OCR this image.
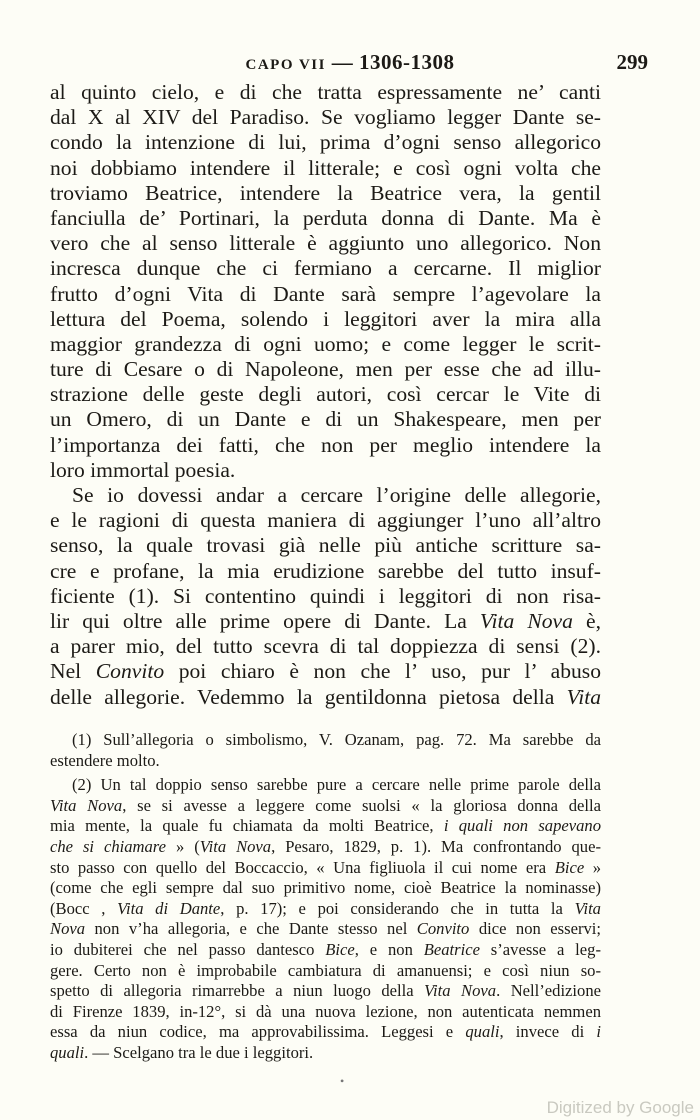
CAPO VII — 1306-1308	299
al quinto cielo, e di che tratta espressamente ne’ canti
dal X al XIV del Paradiso. Se vogliamo legger Dante se-
condo la intenzione di lui, prima d’ogni senso allegorico
noi dobbiamo intendere il litterale; e così ogni volta che
troviamo Beatrice, intendere la Beatrice vera, la gentil
fanciulla de’ Portinari, la perduta donna di Dante. Ma è
vero che al senso litterale è aggiunto uno allegorico. Non
incresca dunque che ci fermiano a cercarne. Il miglior
frutto d’ogni Vita di Dante sarà sempre l’agevolare la
lettura del Poema, solendo i leggitori aver la mira alla
maggior grandezza di ogni uomo; e come legger le scrit-
ture di Cesare o di Napoleone, men per esse che ad illu-
strazione delle geste degli autori, così cercar le Vite di
un Omero, di un Dante e di un Shakespeare, men per
l’importanza dei fatti, che non per meglio intendere la
loro immortal poesia.
Se io dovessi andar a cercare l’origine delle allegorie,
e le ragioni di questa maniera di aggiunger l’uno all’altro
senso, la quale trovasi già nelle più antiche scritture sa-
cre e profane, la mia erudizione sarebbe del tutto insuf-
ficiente (1). Si contentino quindi i leggitori di non risa-
lir qui oltre alle prime opere di Dante. La Vita Nova è,
a parer mio, del tutto scevra di tal doppiezza di sensi (2).
Nel Convito poi chiaro è non che l’ uso, pur l’ abuso
delle allegorie. Vedemmo la gentildonna pietosa della Vita
(1) Sull’allegoria o simbolismo, V. Ozanam, pag. 72. Ma sarebbe da
estendere molto.
(2) Un tal doppio senso sarebbe pure a cercare nelle prime parole della
Vita Nova, se si avesse a leggere come suolsi « la gloriosa donna della
mia mente, la quale fu chiamata da molti Beatrice, i quali non sapevano
che si chiamare » (Vita Nova, Pesaro, 1829, p. 1). Ma confrontando que-
sto passo con quello del Boccaccio, « Una figliuola il cui nome era Bice »
(come che egli sempre dal suo primitivo nome, cioè Beatrice la nominasse)
(Bocc , Vita di Dante, p. 17); e poi considerando che in tutta la Vita
Nova non v’ha allegoria, e che Dante stesso nel Convito dice non esservi;
io dubiterei che nel passo dantesco Bice, e non Beatrice s’avesse a leg-
gere. Certo non è improbabile cambiatura di amanuensi; e così niun so-
spetto di allegoria rimarrebbe a niun luogo della Vita Nova. Nell’edizione
di Firenze 1839, in-12°, si dà una nuova lezione, non autenticata nemmen
essa da niun codice, ma approvabilissima. Leggesi e quali, invece di i
quali. — Scelgano tra le due i leggitori.
•
Digitized by Google
